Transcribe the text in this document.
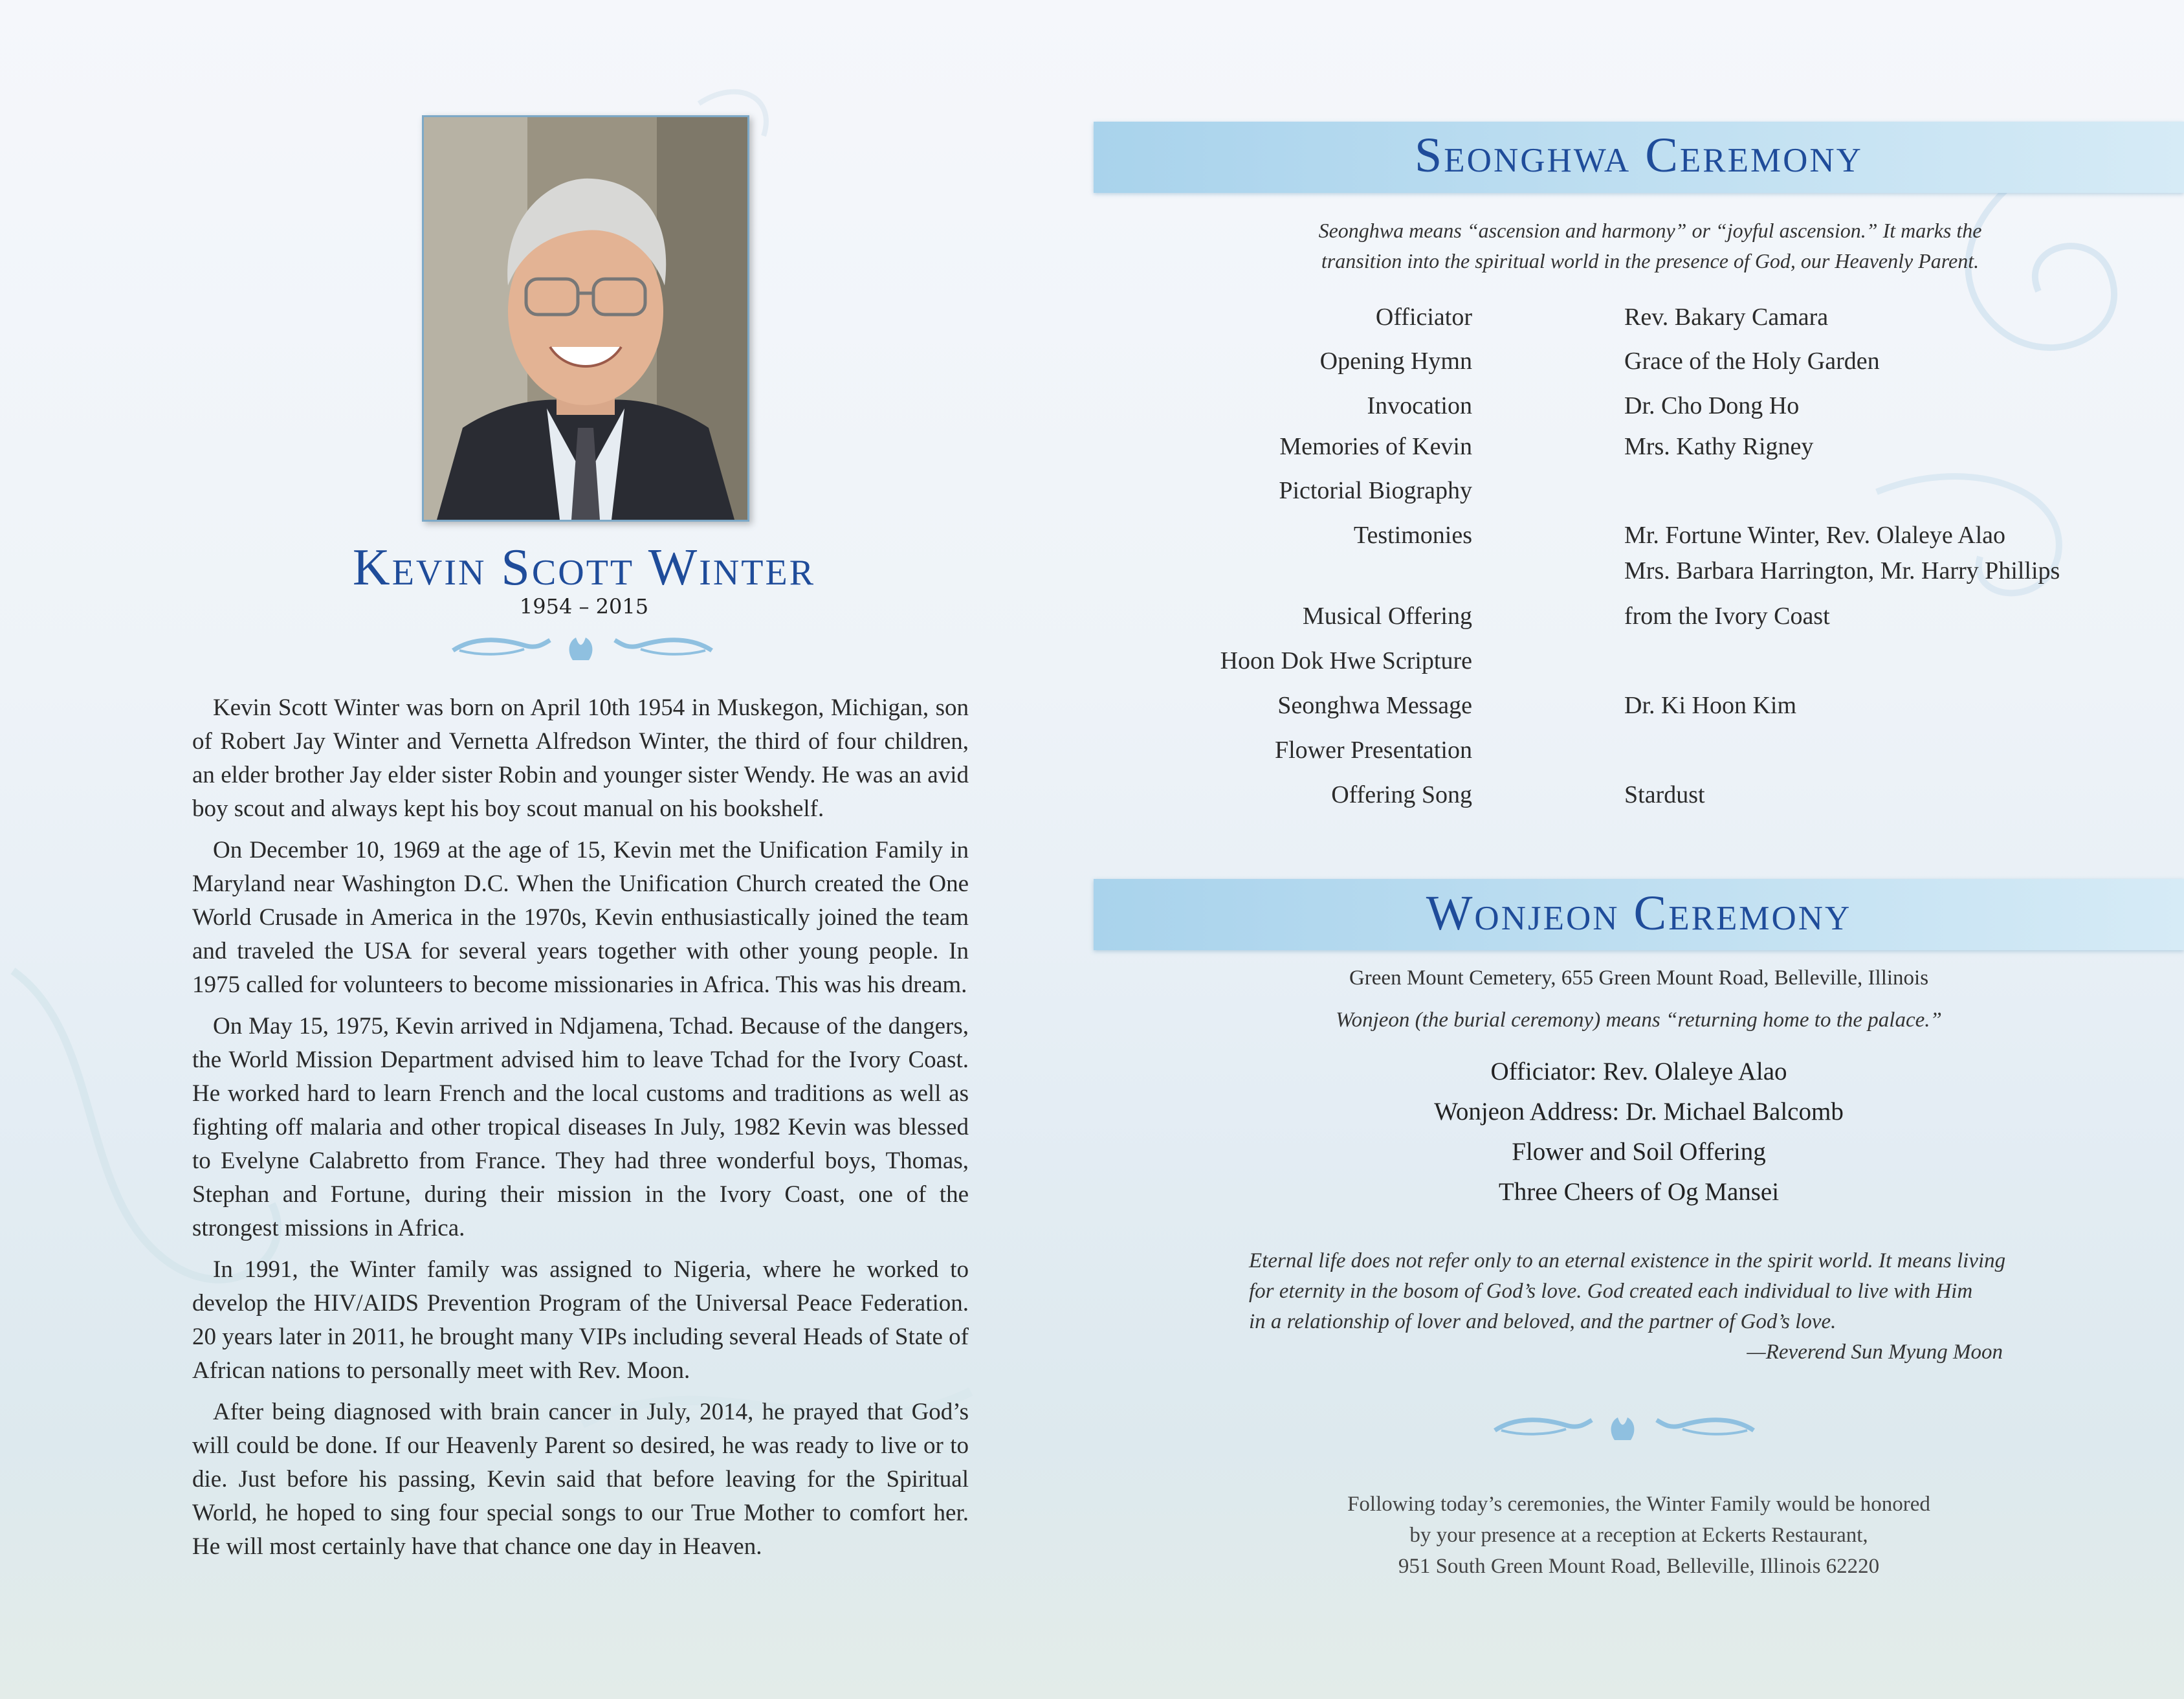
Kevin Scott Winter
1954 – 2015

Kevin Scott Winter was born on April 10th 1954 in Muskegon, Michigan, son of Robert Jay Winter and Vernetta Alfredson Winter, the third of four children, an elder brother Jay elder sister Robin and younger sister Wendy. He was an avid boy scout and always kept his boy scout manual on his bookshelf.

On December 10, 1969 at the age of 15, Kevin met the Unification Family in Maryland near Washington D.C. When the Unification Church created the One World Crusade in America in the 1970s, Kevin enthusiastically joined the team and traveled the USA for several years together with other young people. In 1975 called for volunteers to become missionaries in Africa. This was his dream.

On May 15, 1975, Kevin arrived in Ndjamena, Tchad. Because of the dangers, the World Mission Department advised him to leave Tchad for the Ivory Coast. He worked hard to learn French and the local customs and traditions as well as fighting off malaria and other tropical diseases In July, 1982 Kevin was blessed to Evelyne Calabretto from France. They had three wonderful boys, Thomas, Stephan and Fortune, during their mission in the Ivory Coast, one of the strongest missions in Africa.

In 1991, the Winter family was assigned to Nigeria, where he worked to develop the HIV/AIDS Prevention Program of the Universal Peace Federation. 20 years later in 2011, he brought many VIPs including several Heads of State of African nations to personally meet with Rev. Moon.

After being diagnosed with brain cancer in July, 2014, he prayed that God’s will could be done. If our Heavenly Parent so desired, he was ready to live or to die. Just before his passing, Kevin said that before leaving for the Spiritual World, he hoped to sing four special songs to our True Mother to comfort her. He will most certainly have that chance one day in Heaven.

Seonghwa Ceremony
Seonghwa means “ascension and harmony” or “joyful ascension.” It marks the
transition into the spiritual world in the presence of God, our Heavenly Parent.
Officiator	Rev. Bakary Camara
Opening Hymn	Grace of the Holy Garden
Invocation	Dr. Cho Dong Ho
Memories of Kevin	Mrs. Kathy Rigney
Pictorial Biography
Testimonies	Mr. Fortune Winter, Rev. Olaleye Alao
Mrs. Barbara Harrington, Mr. Harry Phillips
Musical Offering	from the Ivory Coast
Hoon Dok Hwe Scripture
Seonghwa Message	Dr. Ki Hoon Kim
Flower Presentation
Offering Song	Stardust
Wonjeon Ceremony
Green Mount Cemetery, 655 Green Mount Road, Belleville, Illinois
Wonjeon (the burial ceremony) means “returning home to the palace.”
Officiator: Rev. Olaleye Alao
Wonjeon Address: Dr. Michael Balcomb
Flower and Soil Offering
Three Cheers of Og Mansei
Eternal life does not refer only to an eternal existence in the spirit world. It means living
for eternity in the bosom of God’s love. God created each individual to live with Him
in a relationship of lover and beloved, and the partner of God’s love.
—Reverend Sun Myung Moon
Following today’s ceremonies, the Winter Family would be honored
by your presence at a reception at Eckerts Restaurant,
951 South Green Mount Road, Belleville, Illinois 62220
